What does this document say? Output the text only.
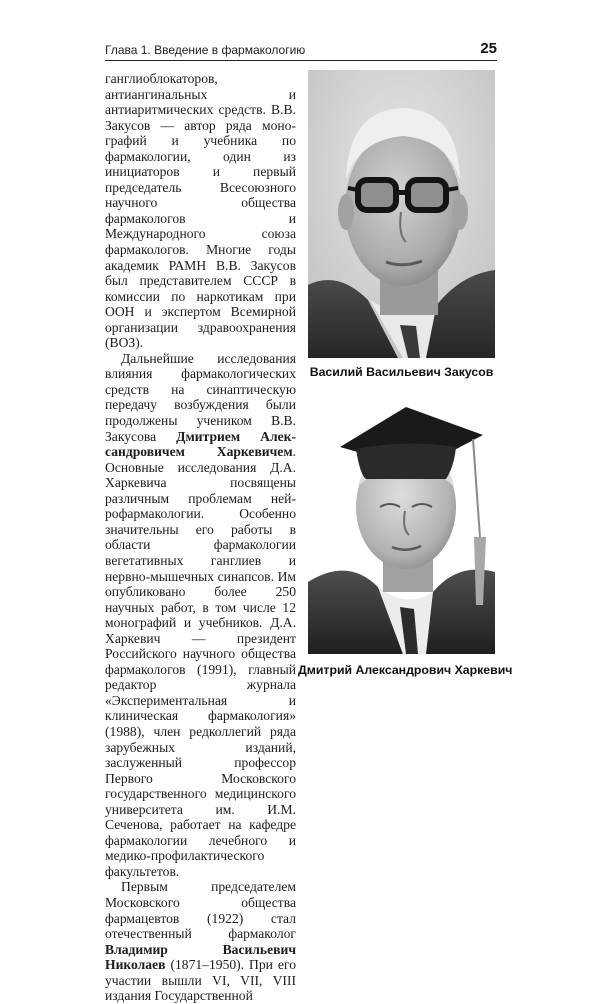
Глава 1. Введение в фармакологию	25

ганглиоблокаторов, антиангинальных и антиаритмических средств. В.В. Закусов — автор ряда монографий и учебника по фармакологии, один из инициаторов и первый председатель Всесоюзного научного общества фармакологов и Международного союза фармакологов. Многие годы академик РАМН В.В. Закусов был представителем СССР в комиссии по наркотикам при ООН и экспертом Всемирной организации здравоохранения (ВОЗ).

Дальнейшие исследования влияния фармакологических средств на синаптическую передачу возбуждения были продолжены учеником В.В. Закусова Дмитрием Александровичем Харкевичем. Основные исследования Д.А. Харкевича посвящены различным проблемам нейрофармакологии. Особенно значительны его работы в области фармакологии вегетативных ганглиев и нервно-мышечных синапсов. Им опубликовано более 250 научных работ, в том числе 12 монографий и учебников. Д.А. Харкевич — президент Российского научного общества фармакологов (1991), главный редактор журнала «Экспериментальная и клиническая фармакология» (1988), член редколлегий ряда зарубежных изданий, заслуженный профессор Первого Московского государственного медицинского университета им. И.М. Сеченова, работает на кафедре фармакологии лечебного и медико-профилактического факультетов.

Первым председателем Московского общества фармацевтов (1922) стал отечественный фармаколог Владимир Васильевич Николаев (1871–1950). При его участии вышли VI, VII, VIII издания Государственной

Василий Васильевич Закусов
Дмитрий Александрович Харкевич
